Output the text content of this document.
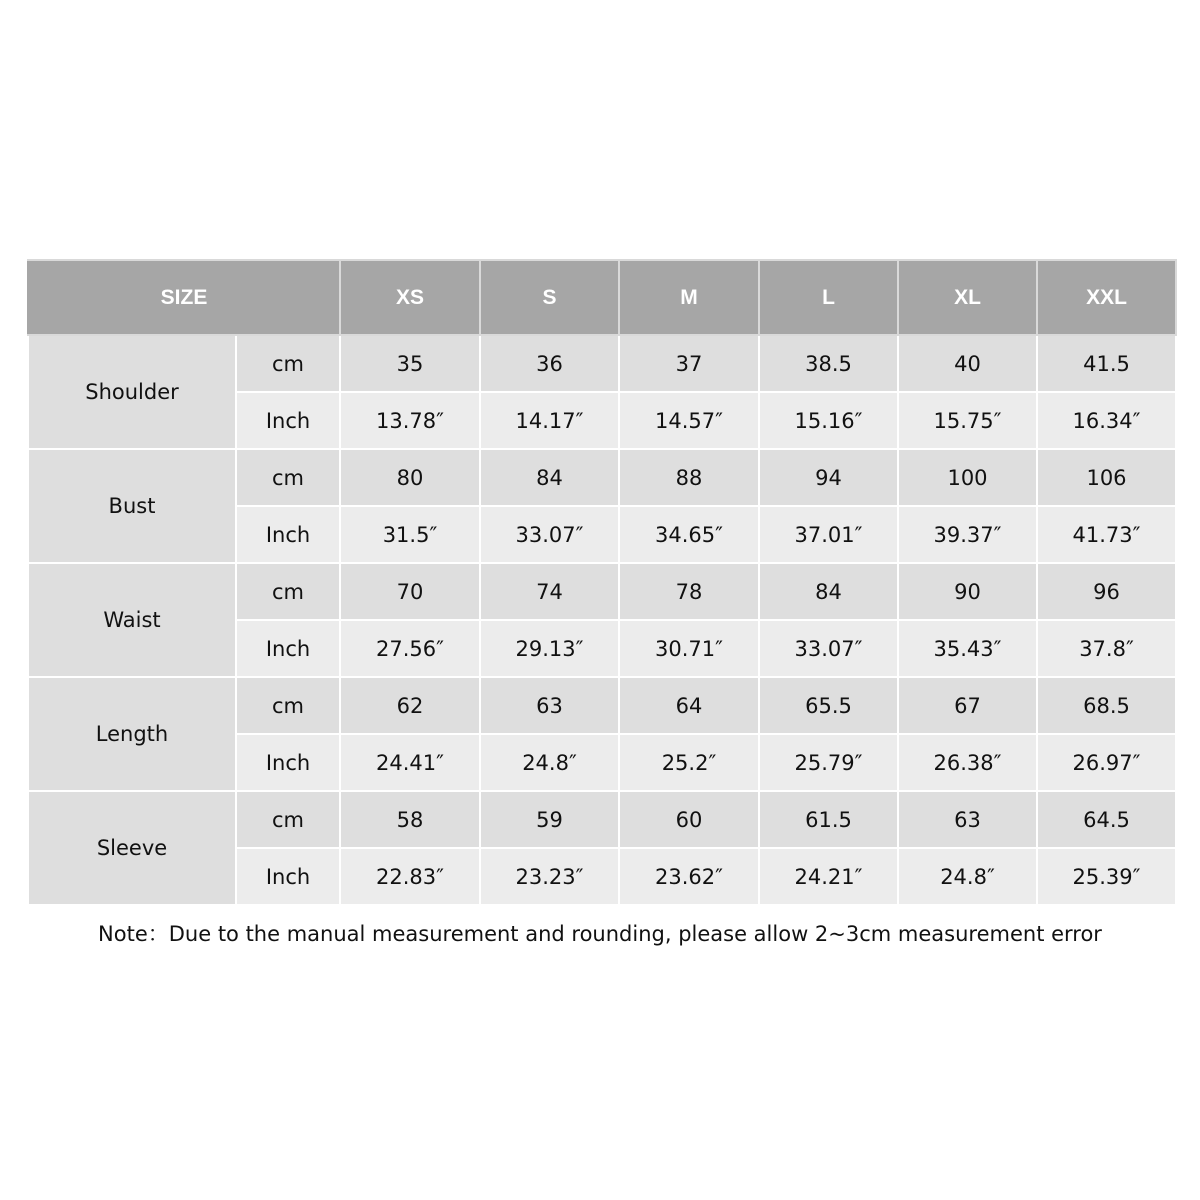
SIZE		XS	S	M	L	XL	XXL
Shoulder	cm	35	36	37	38.5	40	41.5
	Inch	13.78″	14.17″	14.57″	15.16″	15.75″	16.34″
Bust	cm	80	84	88	94	100	106
	Inch	31.5″	33.07″	34.65″	37.01″	39.37″	41.73″
Waist	cm	70	74	78	84	90	96
	Inch	27.56″	29.13″	30.71″	33.07″	35.43″	37.8″
Length	cm	62	63	64	65.5	67	68.5
	Inch	24.41″	24.8″	25.2″	25.79″	26.38″	26.97″
Sleeve	cm	58	59	60	61.5	63	64.5
	Inch	22.83″	23.23″	23.62″	24.21″	24.8″	25.39″
Note：Due to the manual measurement and rounding, please allow 2~3cm measurement error
